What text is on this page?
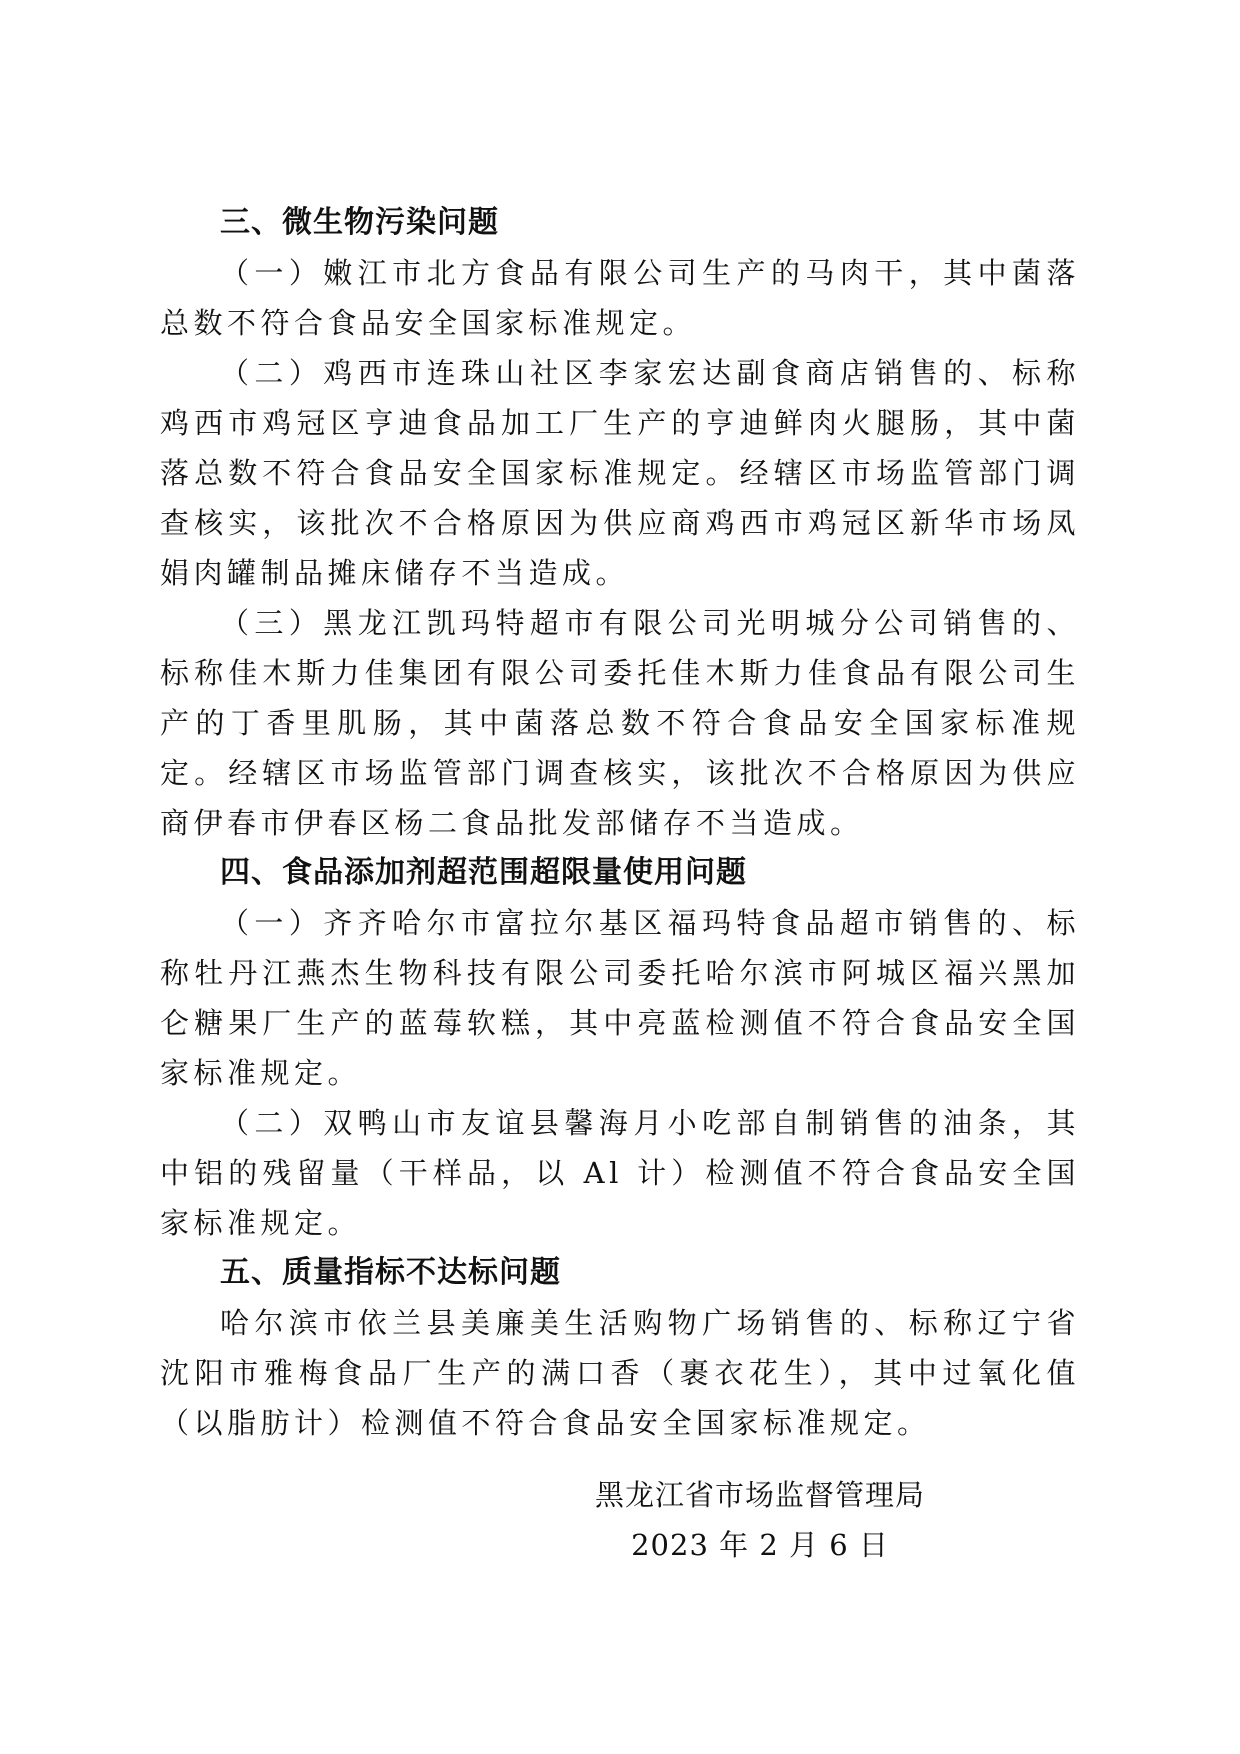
三、微生物污染问题

（一）嫩江市北方食品有限公司生产的马肉干，其中菌落总数不符合食品安全国家标准规定。

（二）鸡西市连珠山社区李家宏达副食商店销售的、标称鸡西市鸡冠区亨迪食品加工厂生产的亨迪鲜肉火腿肠，其中菌落总数不符合食品安全国家标准规定。经辖区市场监管部门调查核实，该批次不合格原因为供应商鸡西市鸡冠区新华市场凤娟肉罐制品摊床储存不当造成。

（三）黑龙江凯玛特超市有限公司光明城分公司销售的、标称佳木斯力佳集团有限公司委托佳木斯力佳食品有限公司生产的丁香里肌肠，其中菌落总数不符合食品安全国家标准规定。经辖区市场监管部门调查核实，该批次不合格原因为供应商伊春市伊春区杨二食品批发部储存不当造成。

四、食品添加剂超范围超限量使用问题

（一）齐齐哈尔市富拉尔基区福玛特食品超市销售的、标称牡丹江燕杰生物科技有限公司委托哈尔滨市阿城区福兴黑加仑糖果厂生产的蓝莓软糕，其中亮蓝检测值不符合食品安全国家标准规定。

（二）双鸭山市友谊县馨海月小吃部自制销售的油条，其中铝的残留量（干样品，以 Al 计）检测值不符合食品安全国家标准规定。

五、质量指标不达标问题

哈尔滨市依兰县美廉美生活购物广场销售的、标称辽宁省沈阳市雅梅食品厂生产的满口香（裹衣花生），其中过氧化值（以脂肪计）检测值不符合食品安全国家标准规定。

黑龙江省市场监督管理局
2023 年 2 月 6 日
